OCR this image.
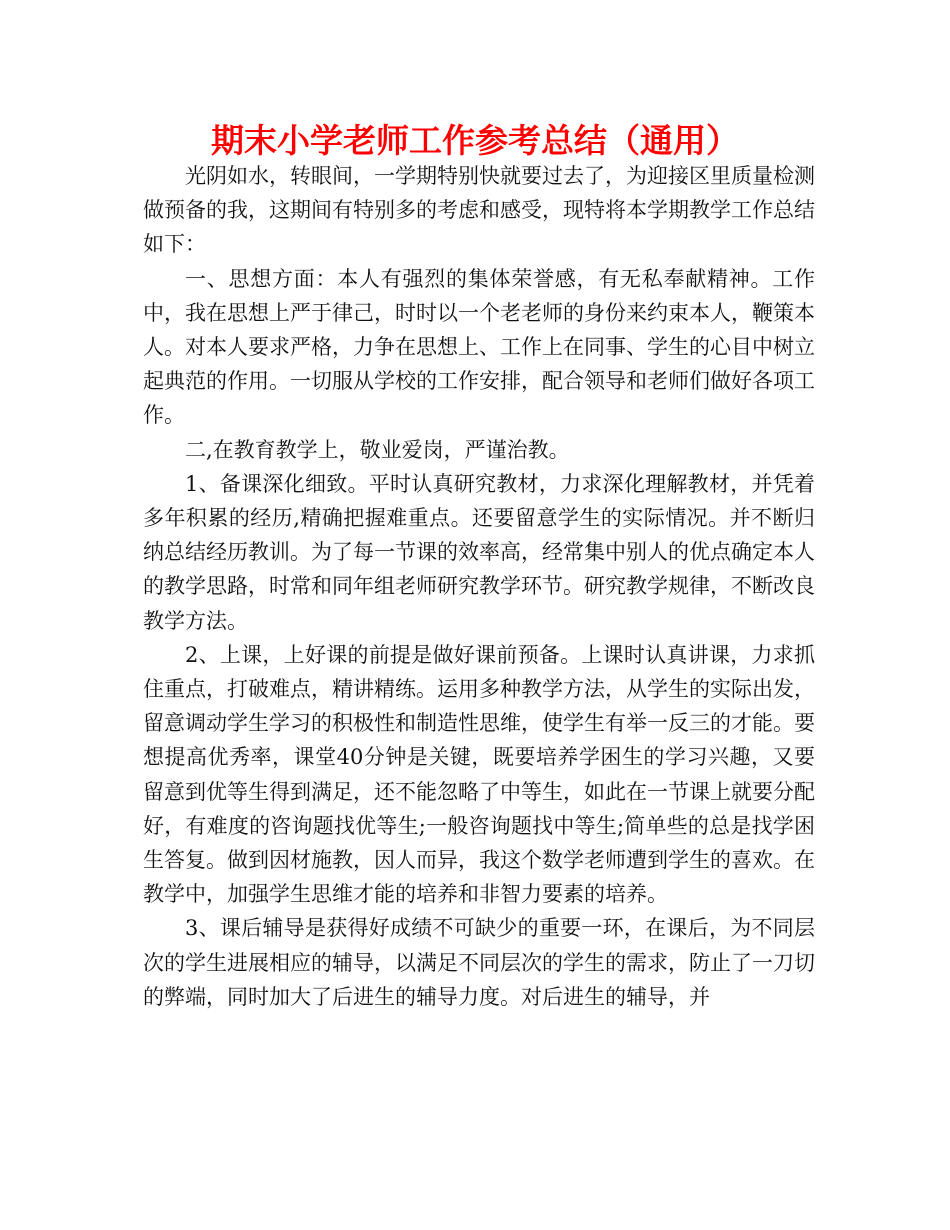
期末小学老师工作参考总结（通用）

光阴如水，转眼间，一学期特别快就要过去了，为迎接区里质量检测做预备的我，这期间有特别多的考虑和感受，现特将本学期教学工作总结如下：

一、思想方面：本人有强烈的集体荣誉感，有无私奉献精神。工作中，我在思想上严于律己，时时以一个老老师的身份来约束本人，鞭策本人。对本人要求严格，力争在思想上、工作上在同事、学生的心目中树立起典范的作用。一切服从学校的工作安排，配合领导和老师们做好各项工作。

二,在教育教学上，敬业爱岗，严谨治教。

1、备课深化细致。平时认真研究教材，力求深化理解教材，并凭着多年积累的经历,精确把握难重点。还要留意学生的实际情况。并不断归纳总结经历教训。为了每一节课的效率高，经常集中别人的优点确定本人的教学思路，时常和同年组老师研究教学环节。研究教学规律，不断改良教学方法。

2、上课，上好课的前提是做好课前预备。上课时认真讲课，力求抓住重点，打破难点，精讲精练。运用多种教学方法，从学生的实际出发，留意调动学生学习的积极性和制造性思维，使学生有举一反三的才能。要想提高优秀率，课堂40分钟是关键，既要培养学困生的学习兴趣，又要留意到优等生得到满足，还不能忽略了中等生，如此在一节课上就要分配好，有难度的咨询题找优等生;一般咨询题找中等生;简单些的总是找学困生答复。做到因材施教，因人而异，我这个数学老师遭到学生的喜欢。在教学中，加强学生思维才能的培养和非智力要素的培养。

3、课后辅导是获得好成绩不可缺少的重要一环，在课后，为不同层次的学生进展相应的辅导，以满足不同层次的学生的需求，防止了一刀切的弊端，同时加大了后进生的辅导力度。对后进生的辅导，并
